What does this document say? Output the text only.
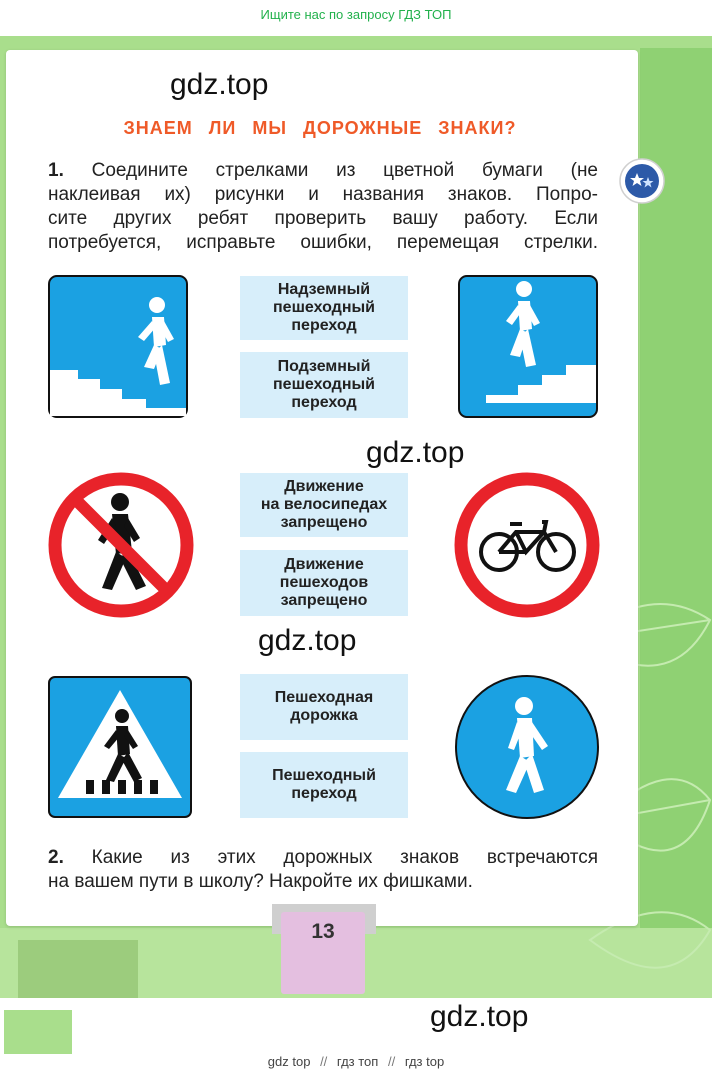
Ищите нас по запросу ГДЗ ТОП
gdz.top
ЗНАЕМ ЛИ МЫ ДОРОЖНЫЕ ЗНАКИ?
1. Соедините стрелками из цветной бумаги (не
наклеивая их) рисунки и названия знаков. Попро-
сите других ребят проверить вашу работу. Если
потребуется, исправьте ошибки, перемещая стрелки.
Надземный
пешеходный
переход
Подземный
пешеходный
переход
gdz.top
Движение
на велосипедах
запрещено
Движение
пешеходов
запрещено
gdz.top
Пешеходная
дорожка
Пешеходный
переход
2. Какие из этих дорожных знаков встречаются
на вашем пути в школу? Накройте их фишками.
13
gdz.top
gdz top // гдз топ // гдз top
